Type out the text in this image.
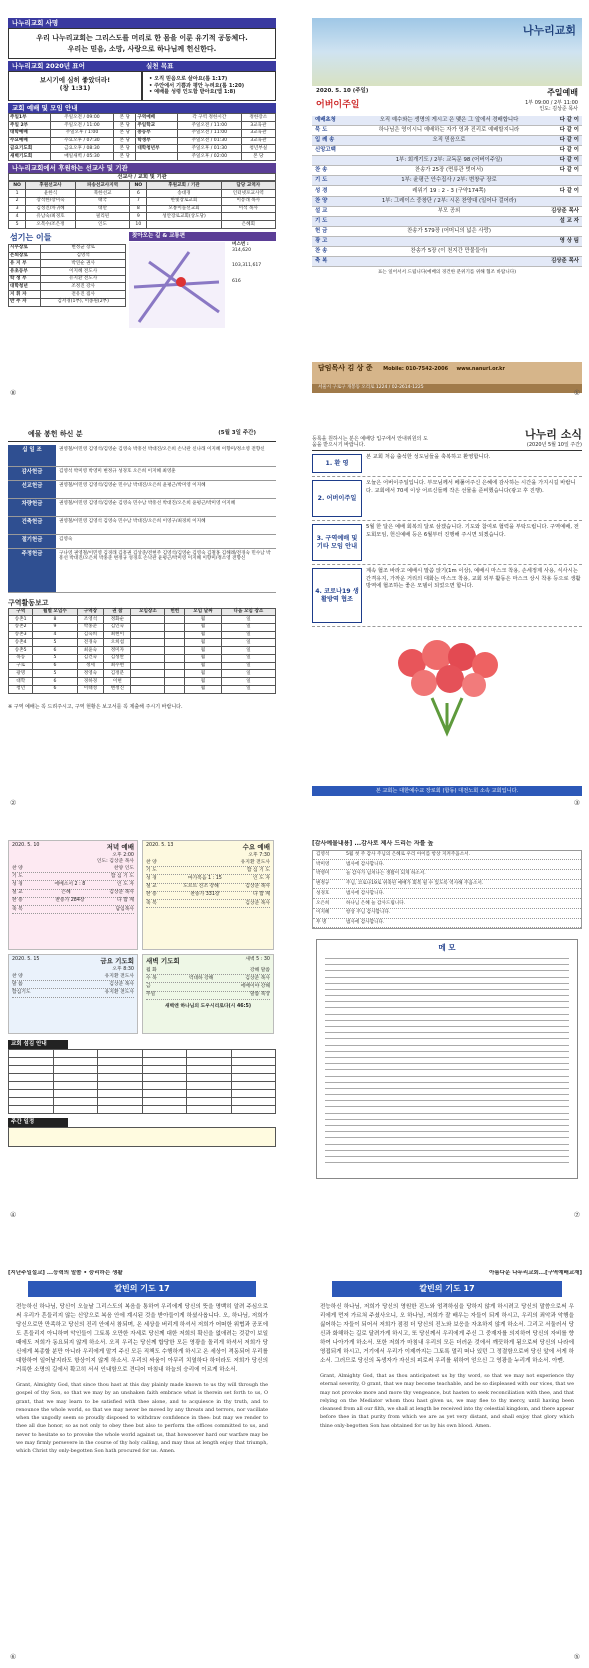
나누리교회 사명
우리 나누리교회는 그리스도를 머리로 한 몸을 이룬 유기적 공동체다.
우리는 믿음, 소망, 사랑으로 하나님께 헌신한다.
나누리교회 2020년 표어
보시기에 심히 좋았더라!
(창 1:31)
실천 목표
• 오직 믿음으로 살아요(롬 1:17)
• 주안에서 기쁨과 평안 누려요(롬 1:20)
• 예배를 성령 인도함 받아요(엡 1:8)
교회 예배 및 모임 안내
주일1부	주일오전 / 09:00	본 당	구역예배	각 구역 정한시간	정한장소
주일 2부	주일오전 / 11:00	본 당	주일학교	주일오전 / 11:00	3교육관
대학예배	주일오후 / 1:00	본 당	중등부	주일오전 / 11:00	3교육관
수요예배	수요오후 / 07:30	본 당	학생부	주일오전 / 01:30	3교육관
금요기도회	금요오후 / 08:30	본 당	대학청년부	주일오후 / 01:30	청년부실
새벽기도회	매일새벽 / 05:30	본 당		주일오후 / 02:00	본 당
나누리교회에서 후원하는 선교사 및 기관
선교사 / 교회 및 기관
NO	후원선교사	파송선교사지역	NO	후원교회 / 기관	담당 교역자
1	윤한식	북한선교	6	송대경	인터넷포교사역
2	장석한/장미숙	태국	7	한빛장로교회	이봉래 목사
3	김성진/차귀혜	대만	8	모퉁이돌선교회	이석 목사
4	유남숙/최경호	필리핀	9	성안장로교회(상도당)	
5	오복수/조은정	인도	10		은혜회
섬기는 이들
시무장로	변정균 장로
은퇴장로	김영석
유 지 부	박연순 권사
유초등부	이지혜 전도사
학 생 부	유지환 전도사
대학청년	조정진 강사
지 휘 자	전유진 집사
반 주 자	김서경(1부), 이종원(2부)
찾아오는 길 & 교통편
버스번 :
314,620
103,311,617
616
⑧
나누리교회
2020. 5. 10 (주일)	주일예배
어버이주일	1부 09:00 / 2부 11:00
인도: 김상준 목사
예배초청	오직 예수와는 생명의 게시고 은 맺은 그 앞에서 경배합니다	다 같 이
묵 도	하나님은 영이시니 예배하는 자가 영과 진리로 예배할지니라	다 같 이
입 례 송	오직 믿음으로	다 같 이
신앙고백	다 같 이
1부: 회개기도 / 2부: 교독문 98 (어버이주일)	다 같 이
찬 송	찬송가 25장 (면류관 벗어서)	다 같 이
기 도	1부: 윤평근 안수집사 / 2부: 변창규 장로
성 경	레위기 19 : 2 - 3 (구약174쪽)	다 같 이
찬 양	1부: 그레이스 중창단 / 2부: 시온 찬양대 (일어나 걸어라)
설 교	부모 공외	김상준 목사
기 도	설 교 자
헌 금	찬송가 579장 (어머니의 넓은 사랑)
광 고	영 상 팀
찬 송	찬송가 5장 (이 천지간 만물들아)
축 복	김상준 목사
표는 일어서서 드립니다(예배의 경건한 분위기를 위해 협조 바랍니다)
담임목사 김 상 준 Mobile: 010-7542-2006 www.nanuri.or.kr
서울시 구로구 개봉동 오리로 1224 / 02-2614-1225
①
예물 봉헌 하신 분	(5월 3일 주간)
십 일 조	권영철/이민영 김영석/김영순 김영숙 박흥선 박대진/오은희 손낙관 신나래 이지혜 이향미/정소영 전향신
감사헌금	김영석 박미영 박영미 변정규 성경호 오은희 이지혜 최영훈
선교헌금	권영철/이민영 김영석/김영순 민수남 박대진/오은희 윤평근/박미영 이지혜
차량헌금	권영철/이민영 김영석/김영순 김영숙 민수남 박흥선 박대진/오은희 윤평근/박미영 이지혜
건축헌금	권영철/이민영 김영석 김영숙 민수남 박대진/오은희 이영구/최경희 이지혜
절기헌금	김영숙
주정헌금	구나영 권영철/이민영 김경래 김흥권 김상준/전현주 김영석/김영순 김영숙 김철홍 김해례/전경숙 민수남 박흥선 박대진/오은희 박홍준 변정규 성경호 손낙관 윤평근/박미영 이지혜 이향미/정소영 전향신
구역활동보고
구역	월별 모임수	구역장	권 참	모임장소	헌헌	모임 날짜	다음 모임 장소
송촌1	8	조영석	정화순			월	일
송촌2	9	박홍준	김인숙			월	일
송촌3	4	김숙희	최현이			월	일
송촌4	5	전경숙	오희섭			월	일
송촌5	6	최윤숙	정미자			월	일
목동	5	김건숙	김성완			월	일
구로	6	정세	최수현			월	일
광명	5	정영숙	김정분			월	일
대학	6	경하경	이현			월	일
청년	6	이태성	변정진			월	일
※ 구역 예배는 꼭 드려주시고, 구역 현황은 보고서를 꼭 제출해 주시기 바랍니다.
②
등록을 원하시는 분은 예배당 입구에서 안내위원의 도움을 받으시기 바랍니다.
나누리 소식
(2020년 5월 10일 주간)
1. 환 영
본 교회 처음 출석한 성도님들을 축복하고 환영합니다.
2. 어버이주일
오늘은 어버이주일입니다. 부모님께서 베풀어주신 은혜에 감사하는 시간을 가지시길 바랍니다. 교회에서 70세 이상 어르신들께 작은 선물을 준비했습니다(광고 후 진행).
3. 구역예배 및 기타 모임 안내
5월 한 달은 예배 회복의 달로 삼겠습니다. 기도와 참여로 협력을 부탁드립니다. 구역예배, 전도회모임, 헌신예배 등은 6월부터 진행해 주시면 되겠습니다.
4. 코로나19 생활방역 협조
계속 협조 바라고 예배시 말씀 앉기(1m 이상), 예배시 마스크 착용, 손세정제 사용, 식사시는 간격유지, 가까운 거리의 대화는 마스크 착용, 교회 외부 활동은 마스크 상시 착용 등으로 생활방역에 협조하는 좋은 모델이 되었으면 합니다.
본 교회는 대한예수교 장로회 (합동) 대전노회 소속 교회입니다.
③
2020. 5. 10	저녁 예배
오후 2:00
인도: 김상준 목사
찬 양	찬양 인도
기 도	합 심 기 도
성 경	에베소서 2 : 8	인 도 자
설 교	은혜	김상준 목사
찬 송	찬송가 284장	다 함 께
축 복	담임목사
2020. 5. 13	수요 예배
오후 7:30
찬 양	유지환 전도사
기 도	합 심 기 도
성 경	마가복음 1 : 15	인 도 자
설 교	도르트 신조 강해	김상준 목사
찬 송	찬송가 331장	다 함 께
축 복	김상준 목사
2020. 5. 15	금요 기도회
오후 8:30
찬 양	유지환 전도사
말 씀	김상준 목사
합심기도	유지환 전도사
새벽 기도회	새벽 5 : 30
월 화	강해 말씀
수 목	역대하 강해	김상준 목사
금	에배이야 강해
주일	말씀 묵상
새벽엔 하나님의 도우시리로다(시 46:5)
교회 섬김 안내

주간 일정
④
[감사예물내용] ...감사로 제사 드리는 자를 높
김영석	5월 첫 주 감사 주님의 은혜로 우리 아이를 항상 지켜주옵소서.
박미영	범사에 감사합니다.
박영미	늘 감사가 넘쳐나는 생활이 되게 하소서.
변정규	주님, 코로나19로 위축된 예배가 회복 될 수 있도록 역사해 주옵소서.
성경호	범사에 감사합니다.
오은희	하나님 은혜 늘 감사드립니다.
이지혜	항상 주님 감사합니다.
무 명	범사에 감사합니다.
메 모
⑦
[지난주일설교] ...능력의 말씀 • 승리하는 생활
칼빈의 기도 17
전능하신 하나님, 당신이 오늘날 그리스도의 복음을 통하여 우리에게 당신의 뜻을 명백히 알려 주심으로써 우리가 흔들리지 않는 신앙으로 복음 안에 계시된 것을 받아들이게 하셨사옵니다. 오, 하나님, 저희가 당신으로만 만족하고 당신의 진리 안에서 참되며, 온 세상을 버리게 하셔서 저희가 어떠한 위협과 공포에도 흔들리지 아니하며 악인들이 그토록 오만한 자세로 당신께 대한 저희의 확신을 없애려는 것같이 보일 때에도 저희가 동요되지 않게 하소서. 오직 우리는 당신께 합당한 모든 영광을 돌리게 하셔서 저희가 당신에게 복종할 분만 아니라 우리에게 맡겨 주신 모든 직책도 수행하게 하시고 온 세상이 격동되어 우리를 대항하여 일어날지라도 항상이지 않게 하소서. 우리의 싸움이 아무리 치열하다 하더라도 저희가 당신의 거룩한 소명의 길에서 확고히 서서 인내함으로 견디어 마침내 하늘의 승리에 이르게 하소서.
Grant, Almighty God, that since thou hast at this day plainly made known to us thy will through the gospel of thy Son, so that we may by an unshaken faith embrace what is therein set forth to us, O grant, that we may learn to be satisfied with thee alone, and to acquiesce in thy truth, and to renounce the whole world, so that we may never be moved by any threats and terrors, nor vacillate when the ungodly seem so proudly disposed to withdraw confidence in thee: but may we render to thee all due honor, so as not only to obey thee but also to perform the offices committed to us, and never to hesitate so to provoke the whole world against us, that howsoever hard our warfare may be we may firmly persevere in the course of thy holy calling, and may thus at length enjoy that triumph, which Christ thy only-begotten Son hath procured for us. Amen.
⑥
아름다운 나누리교회...[구역예배교재]
칼빈의 기도 17
전능하신 하나님, 저희가 당신의 영원한 진노와 엄격하심을 당하지 않게 하시려고 당신의 말씀으로써 우리에게 먼저 가르쳐 주셨사오니, 오 하나님, 저희가 잘 배우는 자들이 되게 하시고, 우리의 죄악과 악행을 싫어하는 자들이 되어서 저희가 점점 더 당신의 진노와 보응을 자초하지 않게 하소서. 그리고 서둘러서 당신과 화해하는 길로 달려가게 하시고, 또 당신께서 우리에게 주신 그 중재자를 의지하여 당신의 자비를 향하여 나아가게 하소서. 또한 저희가 마침내 우리의 모든 더러운 것에서 깨끗하게 됨으로써 당신의 나라에 영접되게 하시고, 거기에서 우리가 이제까지는 그토록 멀리 떠나 있던 그 정결함으로써 당신 앞에 서게 하소서. 그러므로 당신의 독생자가 자신의 피로써 우리를 위하여 얻으신 그 영광을 누리게 하소서. 아멘.
Grant, Almighty God, that as thou anticipatest us by thy word, so that we may not experience thy eternal severity, O grant, that we may become teachable, and be so displeased with our vices, that we may not provoke more and more thy vengeance, but hasten to seek reconciliation with thee, and that relying on the Mediator whom thou hast given us, we may flee to thy mercy, until having been cleansed from all our filth, we shall at length be received into thy celestial kingdom, and there appear before thee in that purity from which we are as yet very distant, and shall enjoy that glory which thine only-begotten Son has obtained for us by his own blood. Amen.
⑤
